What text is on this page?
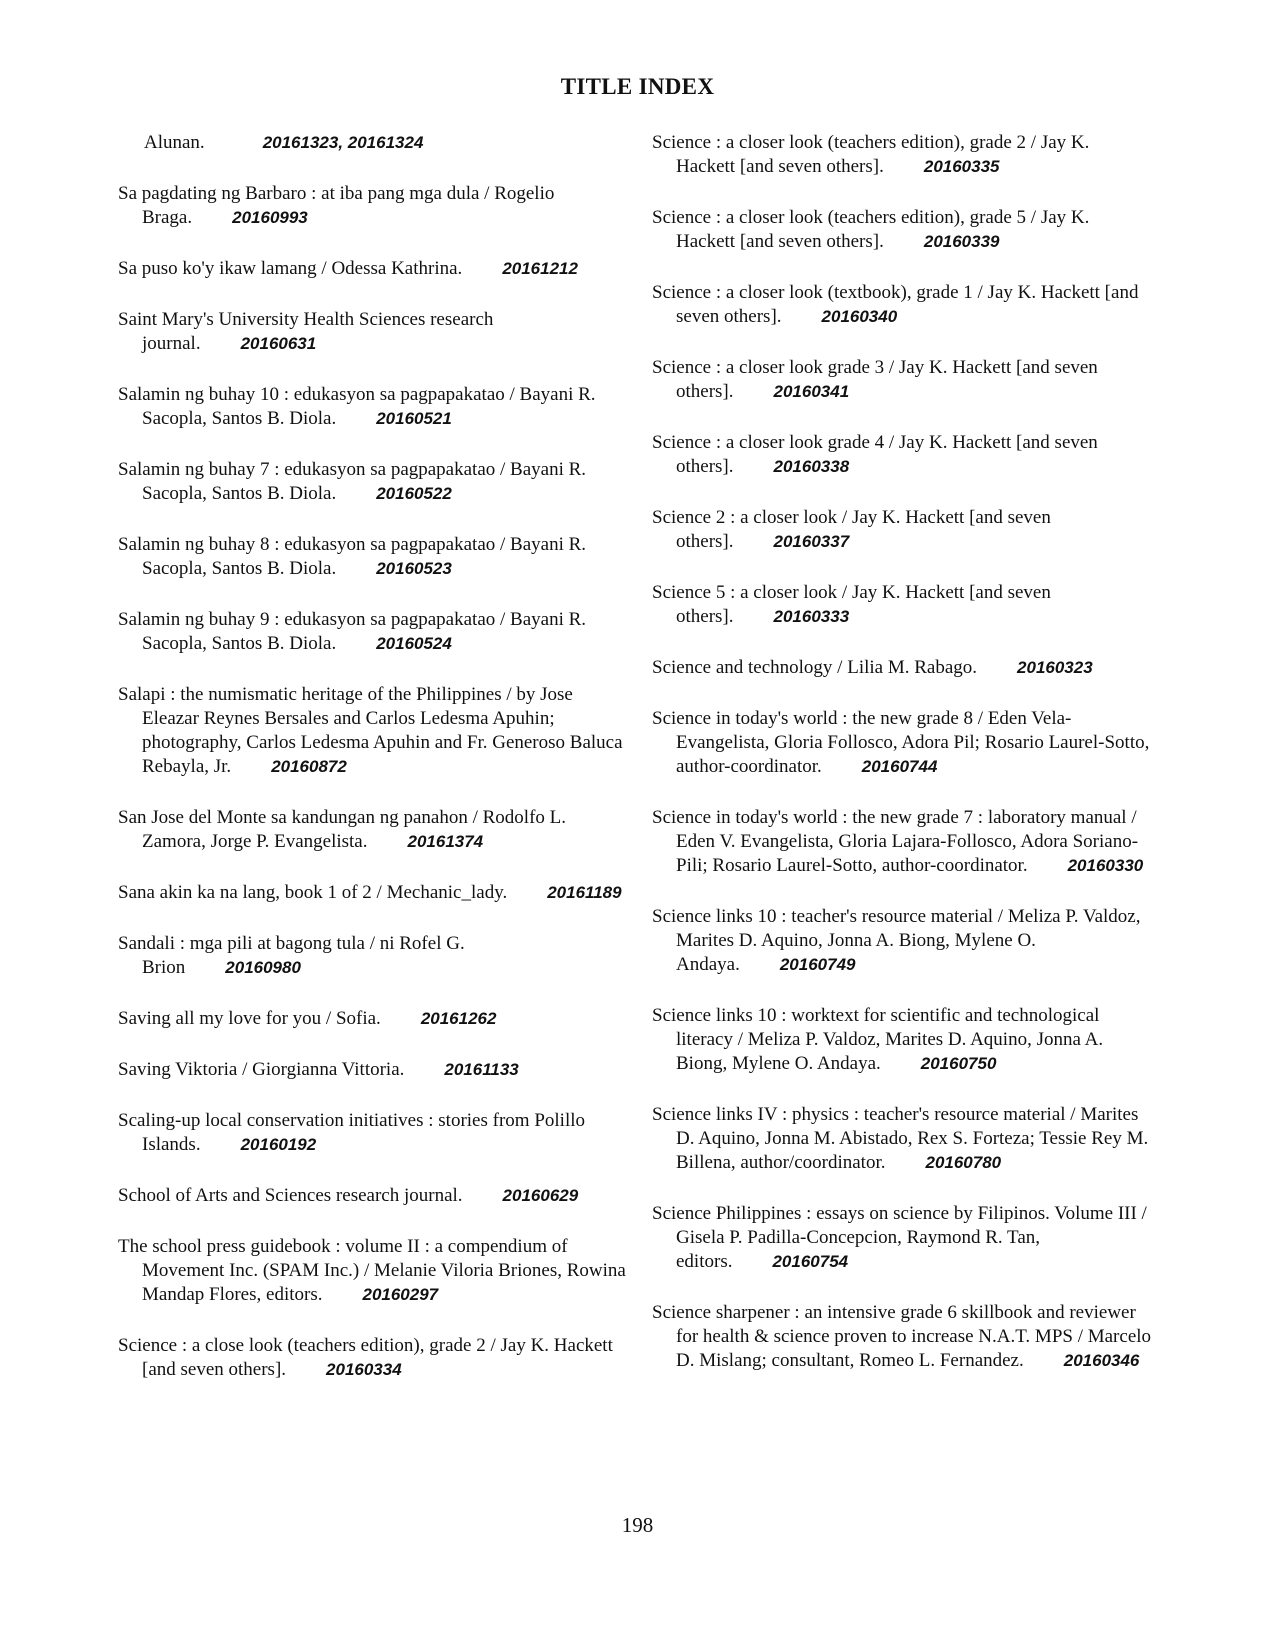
TITLE INDEX
Alunan.	20161323, 20161324
Sa pagdating ng Barbaro : at iba pang mga dula / Rogelio Braga. 20160993
Sa puso ko'y ikaw lamang / Odessa Kathrina. 20161212
Saint Mary's University Health Sciences research journal. 20160631
Salamin ng buhay 10 : edukasyon sa pagpapakatao / Bayani R. Sacopla, Santos B. Diola. 20160521
Salamin ng buhay 7 : edukasyon sa pagpapakatao / Bayani R. Sacopla, Santos B. Diola. 20160522
Salamin ng buhay 8 : edukasyon sa pagpapakatao / Bayani R. Sacopla, Santos B. Diola. 20160523
Salamin ng buhay 9 : edukasyon sa pagpapakatao / Bayani R. Sacopla, Santos B. Diola. 20160524
Salapi : the numismatic heritage of the Philippines / by Jose Eleazar Reynes Bersales and Carlos Ledesma Apuhin; photography, Carlos Ledesma Apuhin and Fr. Generoso Baluca Rebayla, Jr. 20160872
San Jose del Monte sa kandungan ng panahon / Rodolfo L. Zamora, Jorge P. Evangelista. 20161374
Sana akin ka na lang, book 1 of 2 / Mechanic_lady. 20161189
Sandali : mga pili at bagong tula / ni Rofel G. Brion 20160980
Saving all my love for you / Sofia. 20161262
Saving Viktoria / Giorgianna Vittoria. 20161133
Scaling-up local conservation initiatives : stories from Polillo Islands. 20160192
School of Arts and Sciences research journal. 20160629
The school press guidebook : volume II : a compendium of Movement Inc. (SPAM Inc.) / Melanie Viloria Briones, Rowina Mandap Flores, editors. 20160297
Science : a close look (teachers edition), grade 2 / Jay K. Hackett [and seven others]. 20160334
Science : a closer look (teachers edition), grade 2 / Jay K. Hackett [and seven others]. 20160335
Science : a closer look (teachers edition), grade 5 / Jay K. Hackett [and seven others]. 20160339
Science : a closer look (textbook), grade 1 / Jay K. Hackett [and seven others]. 20160340
Science : a closer look grade 3 / Jay K. Hackett [and seven others]. 20160341
Science : a closer look grade 4 / Jay K. Hackett [and seven others]. 20160338
Science 2 : a closer look / Jay K. Hackett [and seven others]. 20160337
Science 5 : a closer look / Jay K. Hackett [and seven others]. 20160333
Science and technology / Lilia M. Rabago. 20160323
Science in today's world : the new grade 8 / Eden Vela-Evangelista, Gloria Follosco, Adora Pil; Rosario Laurel-Sotto, author-coordinator. 20160744
Science in today's world : the new grade 7 : laboratory manual / Eden V. Evangelista, Gloria Lajara-Follosco, Adora Soriano-Pili; Rosario Laurel-Sotto, author-coordinator. 20160330
Science links 10 : teacher's resource material / Meliza P. Valdoz, Marites D. Aquino, Jonna A. Biong, Mylene O. Andaya. 20160749
Science links 10 : worktext for scientific and technological literacy / Meliza P. Valdoz, Marites D. Aquino, Jonna A. Biong, Mylene O. Andaya. 20160750
Science links IV : physics : teacher's resource material / Marites D. Aquino, Jonna M. Abistado, Rex S. Forteza; Tessie Rey M. Billena, author/coordinator. 20160780
Science Philippines : essays on science by Filipinos. Volume III / Gisela P. Padilla-Concepcion, Raymond R. Tan, editors. 20160754
Science sharpener : an intensive grade 6 skillbook and reviewer for health & science proven to increase N.A.T. MPS / Marcelo D. Mislang; consultant, Romeo L. Fernandez. 20160346
198
